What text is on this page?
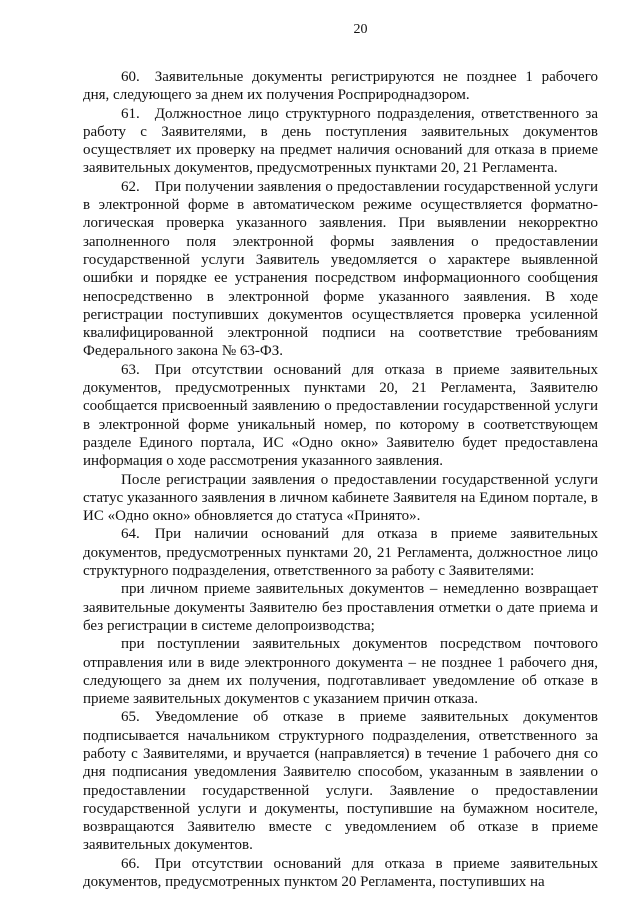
20

60. Заявительные документы регистрируются не позднее 1 рабочего дня, следующего за днем их получения Росприроднадзором.

61. Должностное лицо структурного подразделения, ответственного за работу с Заявителями, в день поступления заявительных документов осуществляет их проверку на предмет наличия оснований для отказа в приеме заявительных документов, предусмотренных пунктами 20, 21 Регламента.

62. При получении заявления о предоставлении государственной услуги в электронной форме в автоматическом режиме осуществляется форматно-логическая проверка указанного заявления. При выявлении некорректно заполненного поля электронной формы заявления о предоставлении государственной услуги Заявитель уведомляется о характере выявленной ошибки и порядке ее устранения посредством информационного сообщения непосредственно в электронной форме указанного заявления. В ходе регистрации поступивших документов осуществляется проверка усиленной квалифицированной электронной подписи на соответствие требованиям Федерального закона № 63-ФЗ.

63. При отсутствии оснований для отказа в приеме заявительных документов, предусмотренных пунктами 20, 21 Регламента, Заявителю сообщается присвоенный заявлению о предоставлении государственной услуги в электронной форме уникальный номер, по которому в соответствующем разделе Единого портала, ИС «Одно окно» Заявителю будет предоставлена информация о ходе рассмотрения указанного заявления.

После регистрации заявления о предоставлении государственной услуги статус указанного заявления в личном кабинете Заявителя на Едином портале, в ИС «Одно окно» обновляется до статуса «Принято».

64. При наличии оснований для отказа в приеме заявительных документов, предусмотренных пунктами 20, 21 Регламента, должностное лицо структурного подразделения, ответственного за работу с Заявителями:

при личном приеме заявительных документов – немедленно возвращает заявительные документы Заявителю без проставления отметки о дате приема и без регистрации в системе делопроизводства;

при поступлении заявительных документов посредством почтового отправления или в виде электронного документа – не позднее 1 рабочего дня, следующего за днем их получения, подготавливает уведомление об отказе в приеме заявительных документов с указанием причин отказа.

65. Уведомление об отказе в приеме заявительных документов подписывается начальником структурного подразделения, ответственного за работу с Заявителями, и вручается (направляется) в течение 1 рабочего дня со дня подписания уведомления Заявителю способом, указанным в заявлении о предоставлении государственной услуги. Заявление о предоставлении государственной услуги и документы, поступившие на бумажном носителе, возвращаются Заявителю вместе с уведомлением об отказе в приеме заявительных документов.

66. При отсутствии оснований для отказа в приеме заявительных документов, предусмотренных пунктом 20 Регламента, поступивших на
